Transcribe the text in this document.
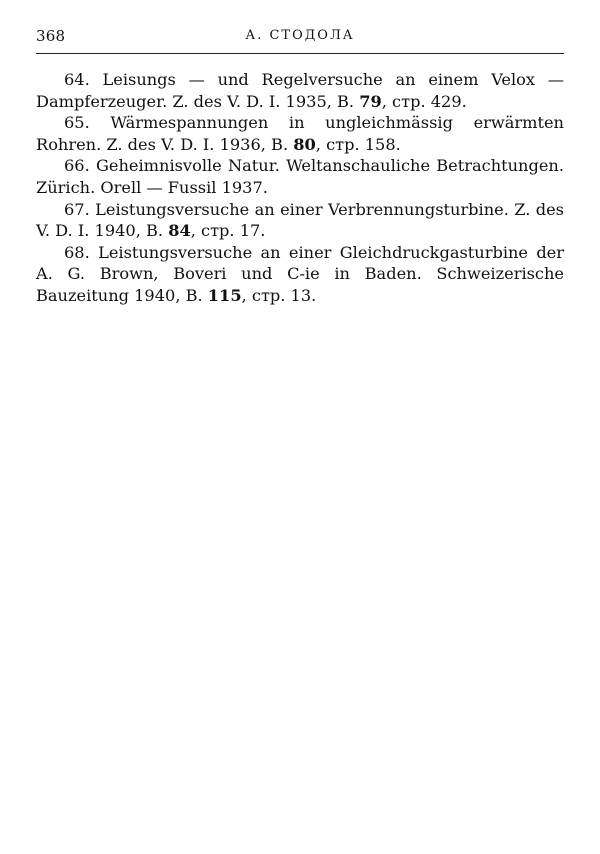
368	А. СТОДОЛА

64. Leisungs — und Regelversuche an einem Velox — Dampferzeuger. Z. des V. D. I. 1935, B. 79, стр. 429.

65. Wärmespannungen in ungleichmässig erwärmten Rohren. Z. des V. D. I. 1936, B. 80, стр. 158.

66. Geheimnisvolle Natur. Weltanschauliche Betrachtungen. Zürich. Orell — Fussil 1937.

67. Leistungsversuche an einer Verbrennungsturbine. Z. des V. D. I. 1940, B. 84, стр. 17.

68. Leistungsversuche an einer Gleichdruckgasturbine der A. G. Brown, Boveri und C-ie in Baden. Schweizerische Bauzeitung 1940, B. 115, стр. 13.
